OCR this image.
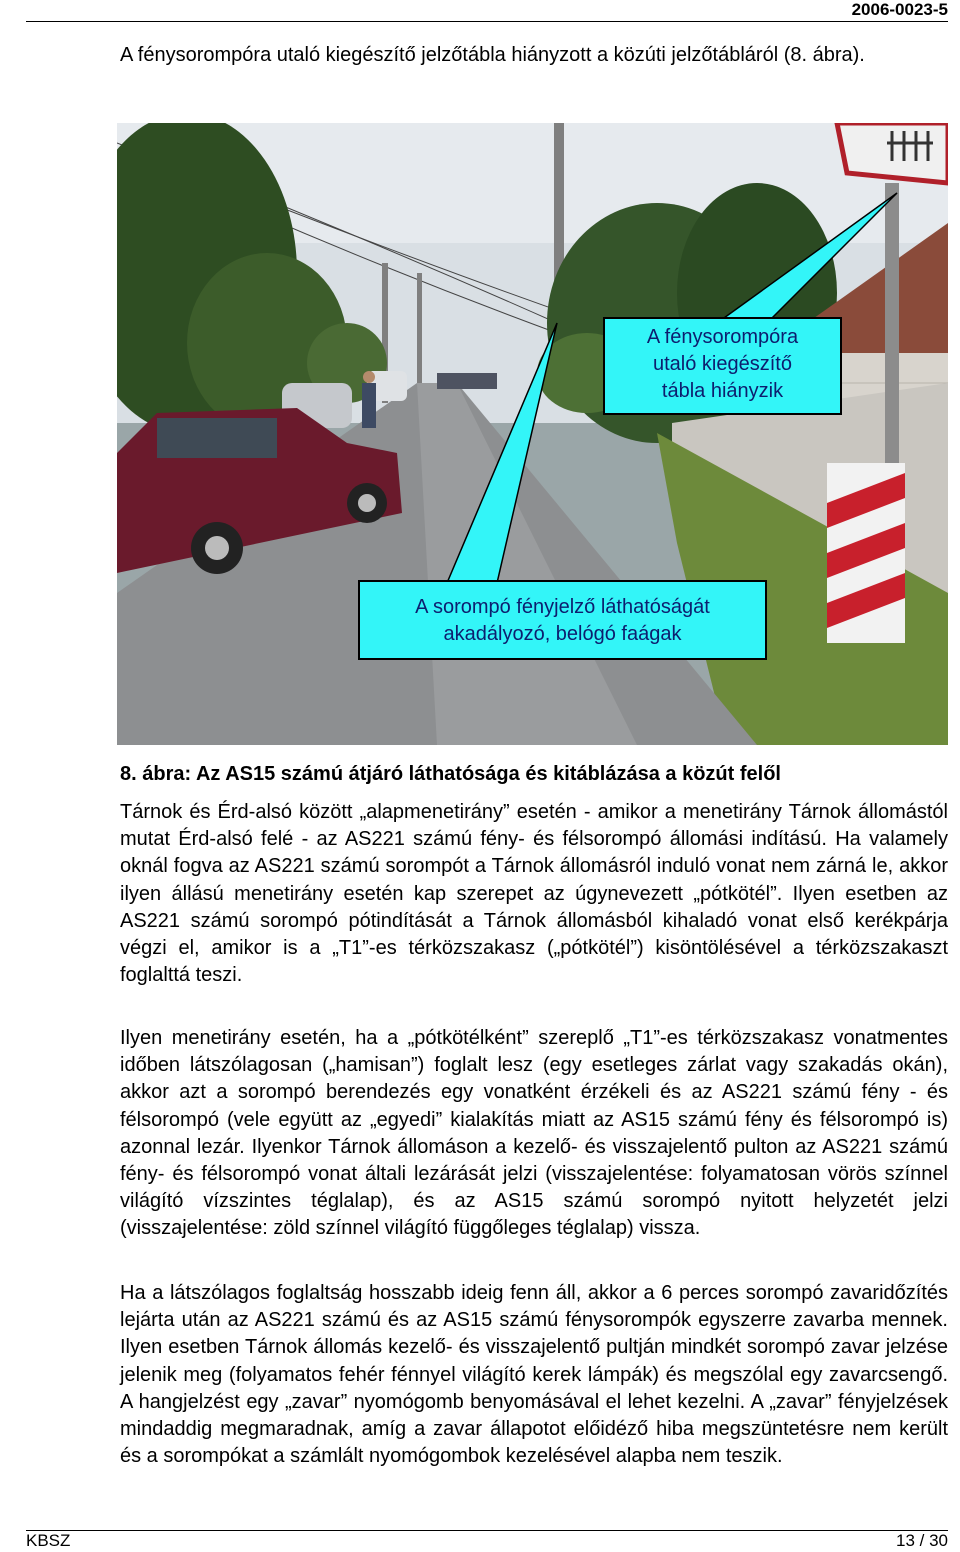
2006-0023-5

A fénysorompóra utaló kiegészítő jelzőtábla hiányzott a közúti jelzőtábláról (8. ábra).

A fénysorompóra
utaló kiegészítő
tábla hiányzik
A sorompó fényjelző láthatóságát
akadályozó, belógó faágak

8. ábra: Az AS15 számú átjáró láthatósága és kitáblázása a közút felől

Tárnok és Érd-alsó között „alapmenetirány” esetén - amikor a menetirány Tárnok állomástól mutat Érd-alsó felé - az AS221 számú fény- és félsorompó állomási indítású. Ha valamely oknál fogva az AS221 számú sorompót a Tárnok állomásról induló vonat nem zárná le, akkor ilyen állású menetirány esetén kap szerepet az úgynevezett „pótkötél”. Ilyen esetben az AS221 számú sorompó pótindítását a Tárnok állomásból kihaladó vonat első kerékpárja végzi el, amikor is a „T1”-es térközszakasz („pótkötél”) kisöntölésével a térközszakaszt foglalttá teszi.

Ilyen menetirány esetén, ha a „pótkötélként” szereplő „T1”-es térközszakasz vonatmentes időben látszólagosan („hamisan”) foglalt lesz (egy esetleges zárlat vagy szakadás okán), akkor azt a sorompó berendezés egy vonatként érzékeli és az AS221 számú fény - és félsorompó (vele együtt az „egyedi” kialakítás miatt az AS15 számú fény és félsorompó is) azonnal lezár. Ilyenkor Tárnok állomáson a kezelő- és visszajelentő pulton az AS221 számú fény- és félsorompó vonat általi lezárását jelzi (visszajelentése: folyamatosan vörös színnel világító vízszintes téglalap), és az AS15 számú sorompó nyitott helyzetét jelzi (visszajelentése: zöld színnel világító függőleges téglalap) vissza.

Ha a látszólagos foglaltság hosszabb ideig fenn áll, akkor a 6 perces sorompó zavaridőzítés lejárta után az AS221 számú és az AS15 számú fénysorompók egyszerre zavarba mennek. Ilyen esetben Tárnok állomás kezelő- és visszajelentő pultján mindkét sorompó zavar jelzése jelenik meg (folyamatos fehér fénnyel világító kerek lámpák) és megszólal egy zavarcsengő. A hangjelzést egy „zavar” nyomógomb benyomásával el lehet kezelni. A „zavar” fényjelzések mindaddig megmaradnak, amíg a zavar állapotot előidéző hiba megszüntetésre nem került és a sorompókat a számlált nyomógombok kezelésével alapba nem teszik.

KBSZ	13 / 30
